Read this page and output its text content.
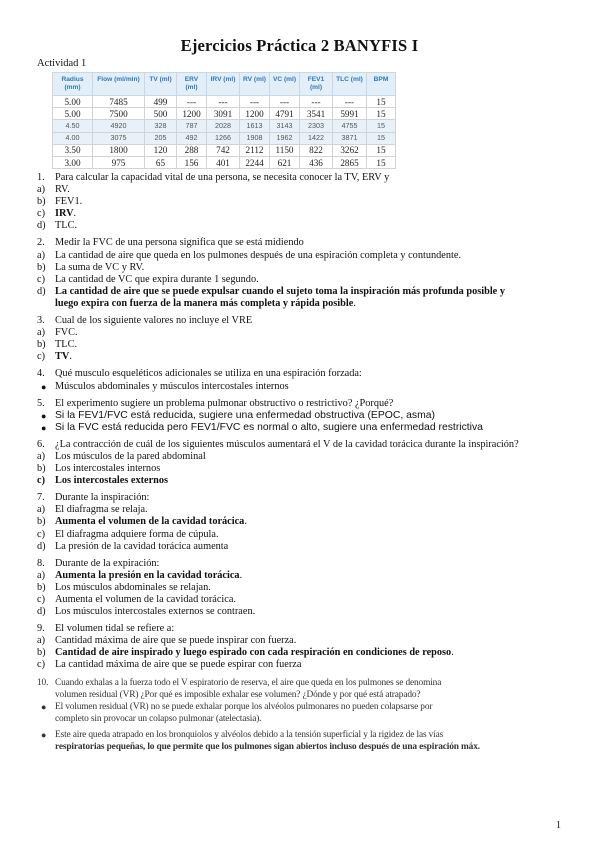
Ejercicios Práctica 2 BANYFIS I
Actividad 1
Radius (mm)	Flow (ml/min)	TV (ml)	ERV (ml)	IRV (ml)	RV (ml)	VC (ml)	FEV1 (ml)	TLC (ml)	BPM
5.00	7485	499	---	---	---	---	---	---	15
5.00	7500	500	1200	3091	1200	4791	3541	5991	15
4.50	4920	328	787	2028	1613	3143	2303	4755	15
4.00	3075	205	492	1266	1908	1962	1422	3871	15
3.50	1800	120	288	742	2112	1150	822	3262	15
3.00	975	65	156	401	2244	621	436	2865	15
1. Para calcular la capacidad vital de una persona, se necesita conocer la TV, ERV y
a) RV.
b) FEV1.
c) IRV.
d) TLC.
2. Medir la FVC de una persona significa que se está midiendo
a) La cantidad de aire que queda en los pulmones después de una espiración completa y contundente.
b) La suma de VC y RV.
c) La cantidad de VC que expira durante 1 segundo.
d) La cantidad de aire que se puede expulsar cuando el sujeto toma la inspiración más profunda posible y
luego expira con fuerza de la manera más completa y rápida posible.
3. Cual de los siguiente valores no incluye el VRE
a) FVC.
b) TLC.
c) TV.
4. Qué musculo esqueléticos adicionales se utiliza en una espiración forzada:
● Músculos abdominales y músculos intercostales internos
5. El experimento sugiere un problema pulmonar obstructivo o restrictivo? ¿Porqué?
● Si la FEV1/FVC está reducida, sugiere una enfermedad obstructiva (EPOC, asma)
● Si la FVC está reducida pero FEV1/FVC es normal o alto, sugiere una enfermedad restrictiva
6. ¿La contracción de cuál de los siguientes músculos aumentará el V de la cavidad torácica durante la inspiración?
a) Los músculos de la pared abdominal
b) Los intercostales internos
c) Los intercostales externos
7. Durante la inspiración:
a) El diafragma se relaja.
b) Aumenta el volumen de la cavidad torácica.
c) El diafragma adquiere forma de cúpula.
d) La presión de la cavidad torácica aumenta
8. Durante de la expiración:
a) Aumenta la presión en la cavidad torácica.
b) Los músculos abdominales se relajan.
c) Aumenta el volumen de la cavidad torácica.
d) Los músculos intercostales externos se contraen.
9. El volumen tidal se refiere a:
a) Cantidad máxima de aire que se puede inspirar con fuerza.
b) Cantidad de aire inspirado y luego espirado con cada respiración en condiciones de reposo.
c) La cantidad máxima de aire que se puede espirar con fuerza
10. Cuando exhalas a la fuerza todo el V espiratorio de reserva, el aire que queda en los pulmones se denomina
volumen residual (VR) ¿Por qué es imposible exhalar ese volumen? ¿Dónde y por qué está atrapado?
● El volumen residual (VR) no se puede exhalar porque los alvéolos pulmonares no pueden colapsarse por
completo sin provocar un colapso pulmonar (atelectasia).
● Este aire queda atrapado en los bronquiolos y alvéolos debido a la tensión superficial y la rigidez de las vías
respiratorias pequeñas, lo que permite que los pulmones sigan abiertos incluso después de una espiración máx.
1
